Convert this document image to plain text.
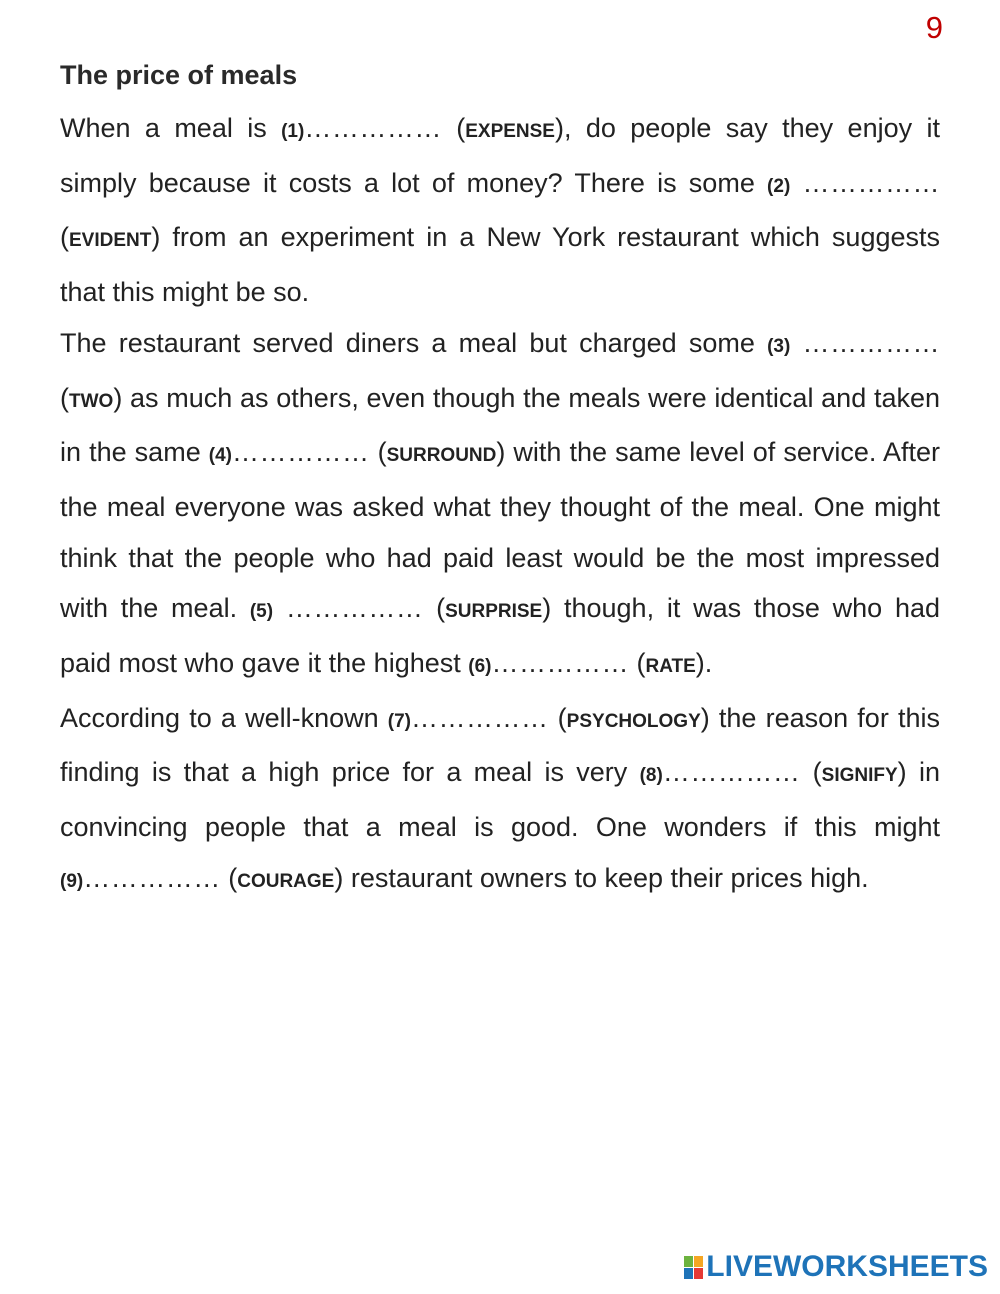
9
The price of meals

When a meal is (1)…………… (EXPENSE), do people say they enjoy it simply because it costs a lot of money? There is some (2) …………… (EVIDENT) from an experiment in a New York restaurant which suggests that this might be so.

The restaurant served diners a meal but charged some (3) …………… (TWO) as much as others, even though the meals were identical and taken in the same (4)…………… (SURROUND) with the same level of service. After the meal everyone was asked what they thought of the meal. One might think that the people who had paid least would be the most impressed with the meal. (5) …………… (SURPRISE) though, it was those who had paid most who gave it the highest (6)…………… (RATE).

According to a well-known (7)…………… (PSYCHOLOGY) the reason for this finding is that a high price for a meal is very (8)…………… (SIGNIFY) in convincing people that a meal is good. One wonders if this might (9)…………… (COURAGE) restaurant owners to keep their prices high.

LIVEWORKSHEETS
